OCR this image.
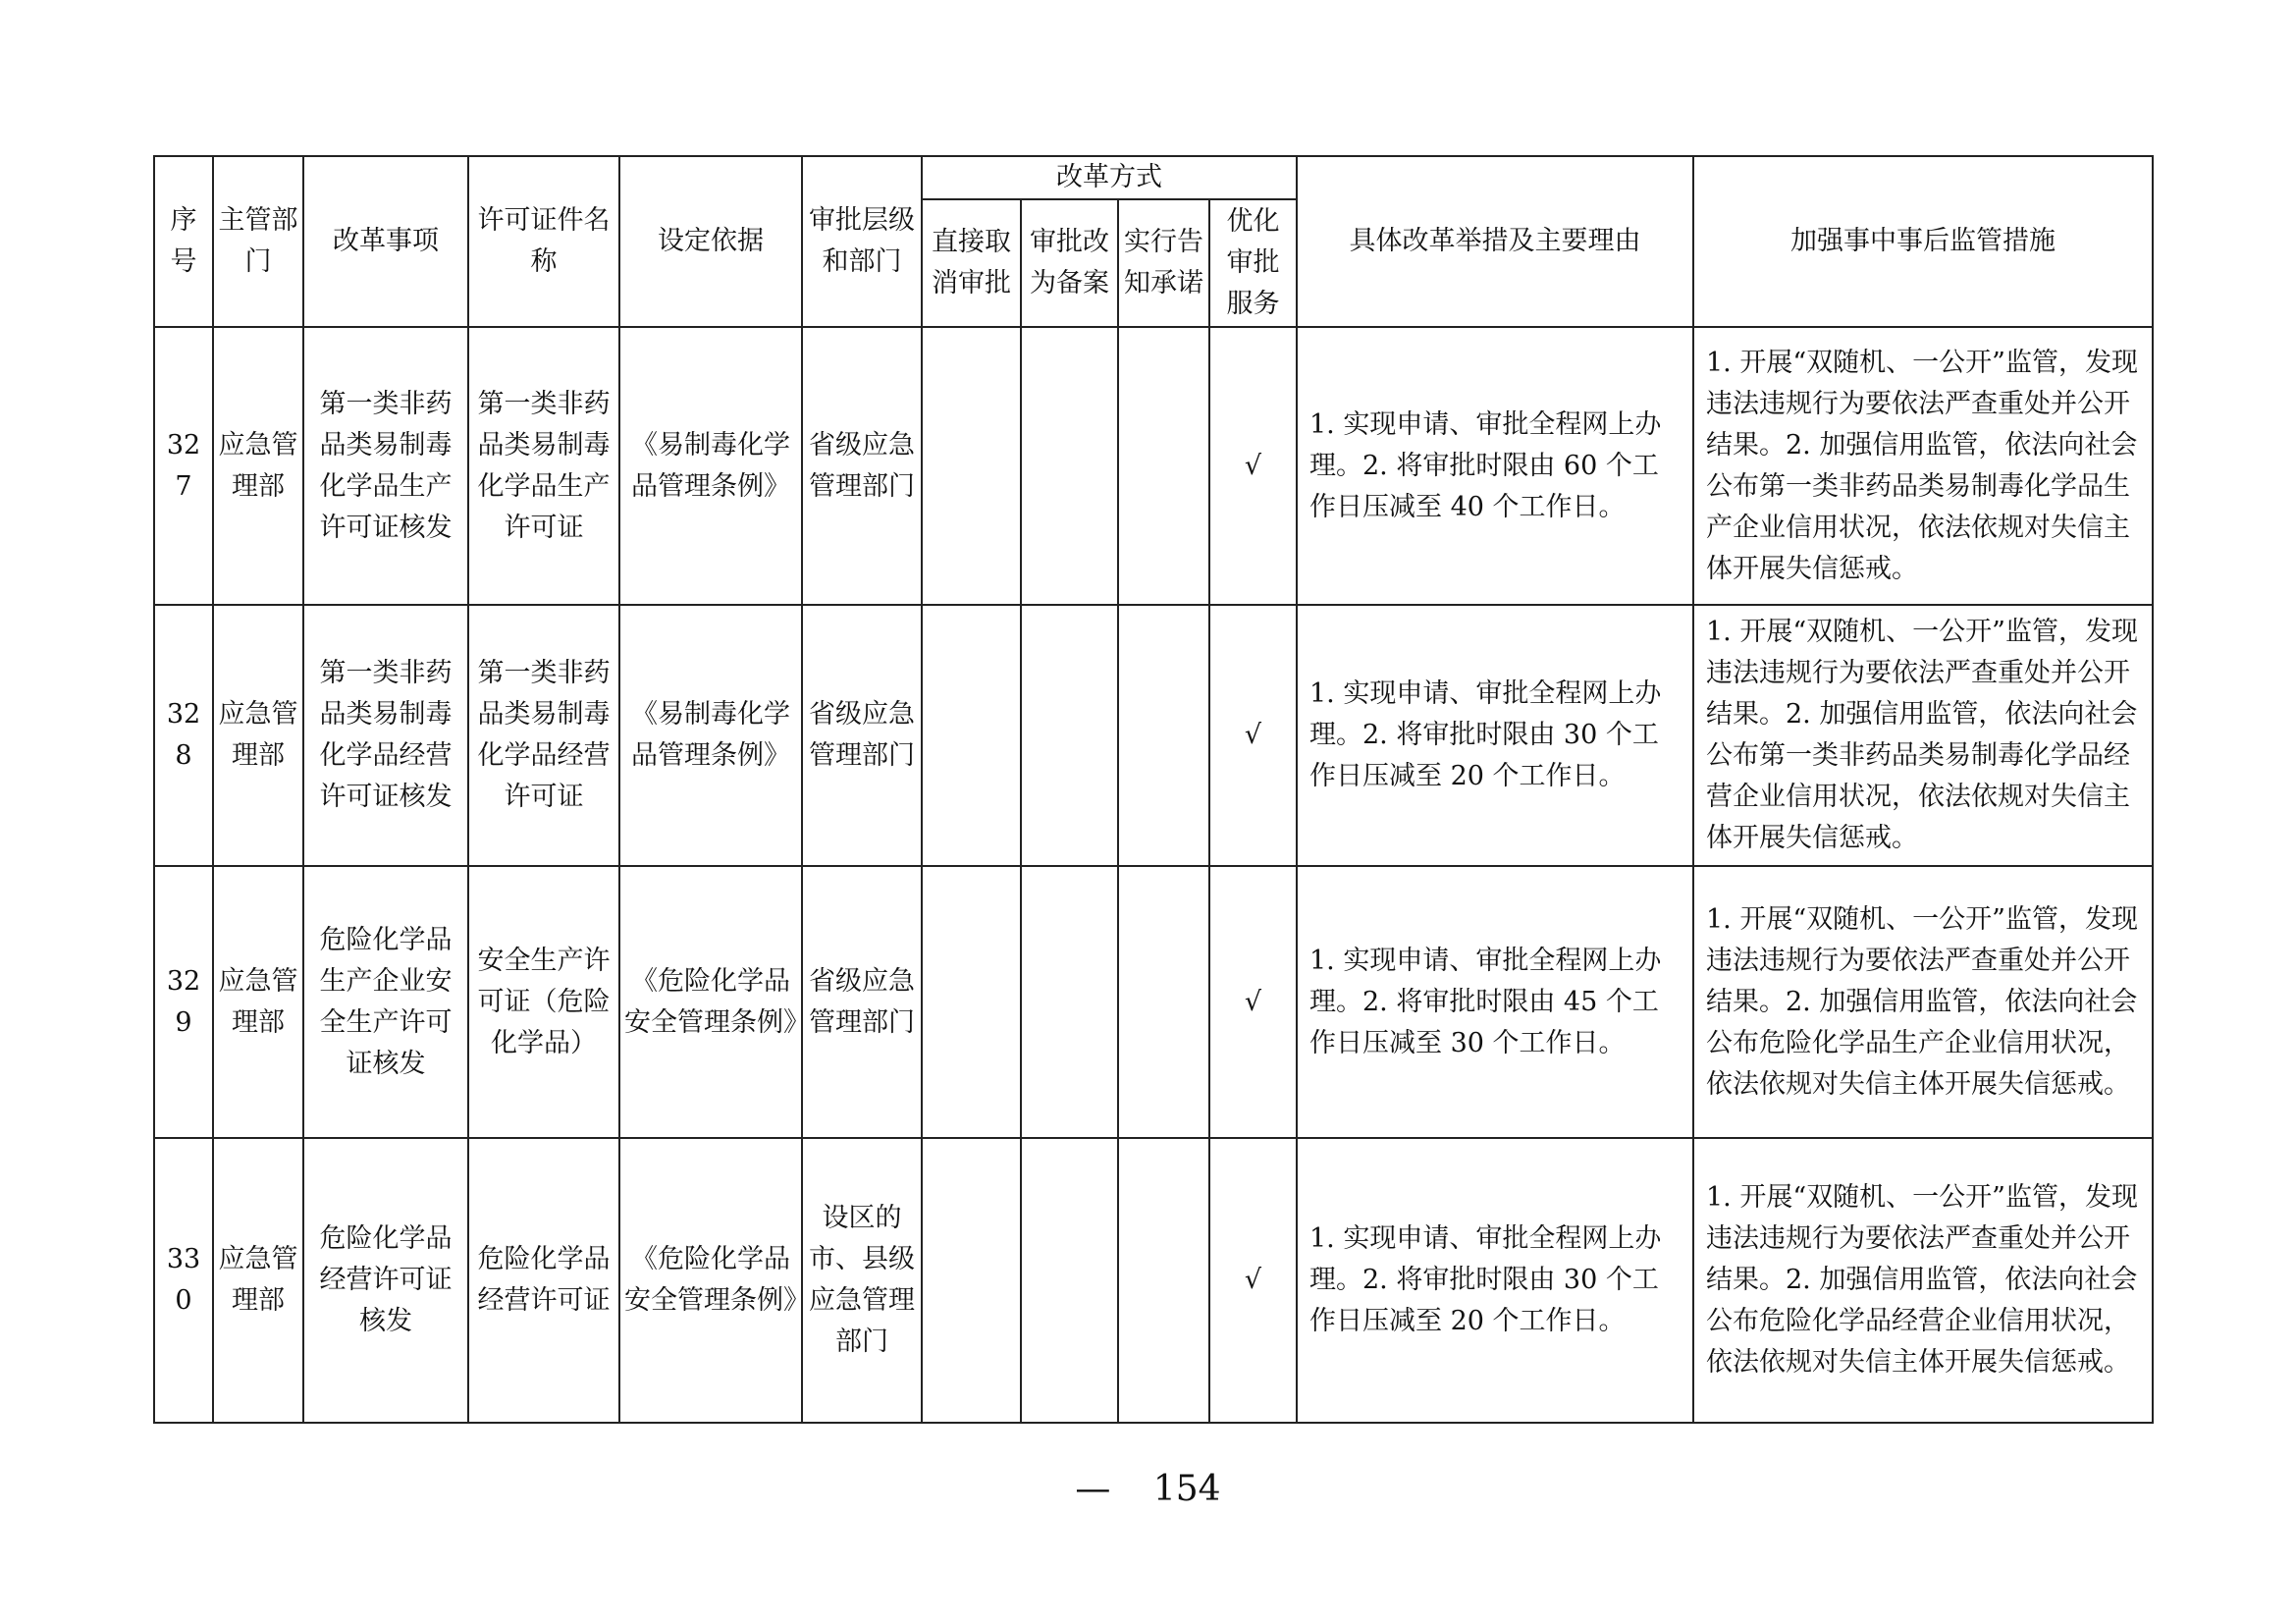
序号	主管部门	改革事项	许可证件名称	设定依据	审批层级和部门	改革方式				具体改革举措及主要理由	加强事中事后监管措施
						直接取消审批	审批改为备案	实行告知承诺	优化审批服务		
327	应急管理部	第一类非药品类易制毒化学品生产许可证核发	第一类非药品类易制毒化学品生产许可证	《易制毒化学品管理条例》	省级应急管理部门				√	1. 实现申请、审批全程网上办理。2. 将审批时限由 60 个工作日压减至 40 个工作日。	1. 开展“双随机、一公开”监管，发现违法违规行为要依法严查重处并公开结果。2. 加强信用监管，依法向社会公布第一类非药品类易制毒化学品生产企业信用状况，依法依规对失信主体开展失信惩戒。
328	应急管理部	第一类非药品类易制毒化学品经营许可证核发	第一类非药品类易制毒化学品经营许可证	《易制毒化学品管理条例》	省级应急管理部门				√	1. 实现申请、审批全程网上办理。2. 将审批时限由 30 个工作日压减至 20 个工作日。	1. 开展“双随机、一公开”监管，发现违法违规行为要依法严查重处并公开结果。2. 加强信用监管，依法向社会公布第一类非药品类易制毒化学品经营企业信用状况，依法依规对失信主体开展失信惩戒。
329	应急管理部	危险化学品生产企业安全生产许可证核发	安全生产许可证（危险化学品）	《危险化学品安全管理条例》	省级应急管理部门				√	1. 实现申请、审批全程网上办理。2. 将审批时限由 45 个工作日压减至 30 个工作日。	1. 开展“双随机、一公开”监管，发现违法违规行为要依法严查重处并公开结果。2. 加强信用监管，依法向社会公布危险化学品生产企业信用状况，依法依规对失信主体开展失信惩戒。
330	应急管理部	危险化学品经营许可证核发	危险化学品经营许可证	《危险化学品安全管理条例》	设区的市、县级应急管理部门				√	1. 实现申请、审批全程网上办理。2. 将审批时限由 30 个工作日压减至 20 个工作日。	1. 开展“双随机、一公开”监管，发现违法违规行为要依法严查重处并公开结果。2. 加强信用监管，依法向社会公布危险化学品经营企业信用状况，依法依规对失信主体开展失信惩戒。
— 154
